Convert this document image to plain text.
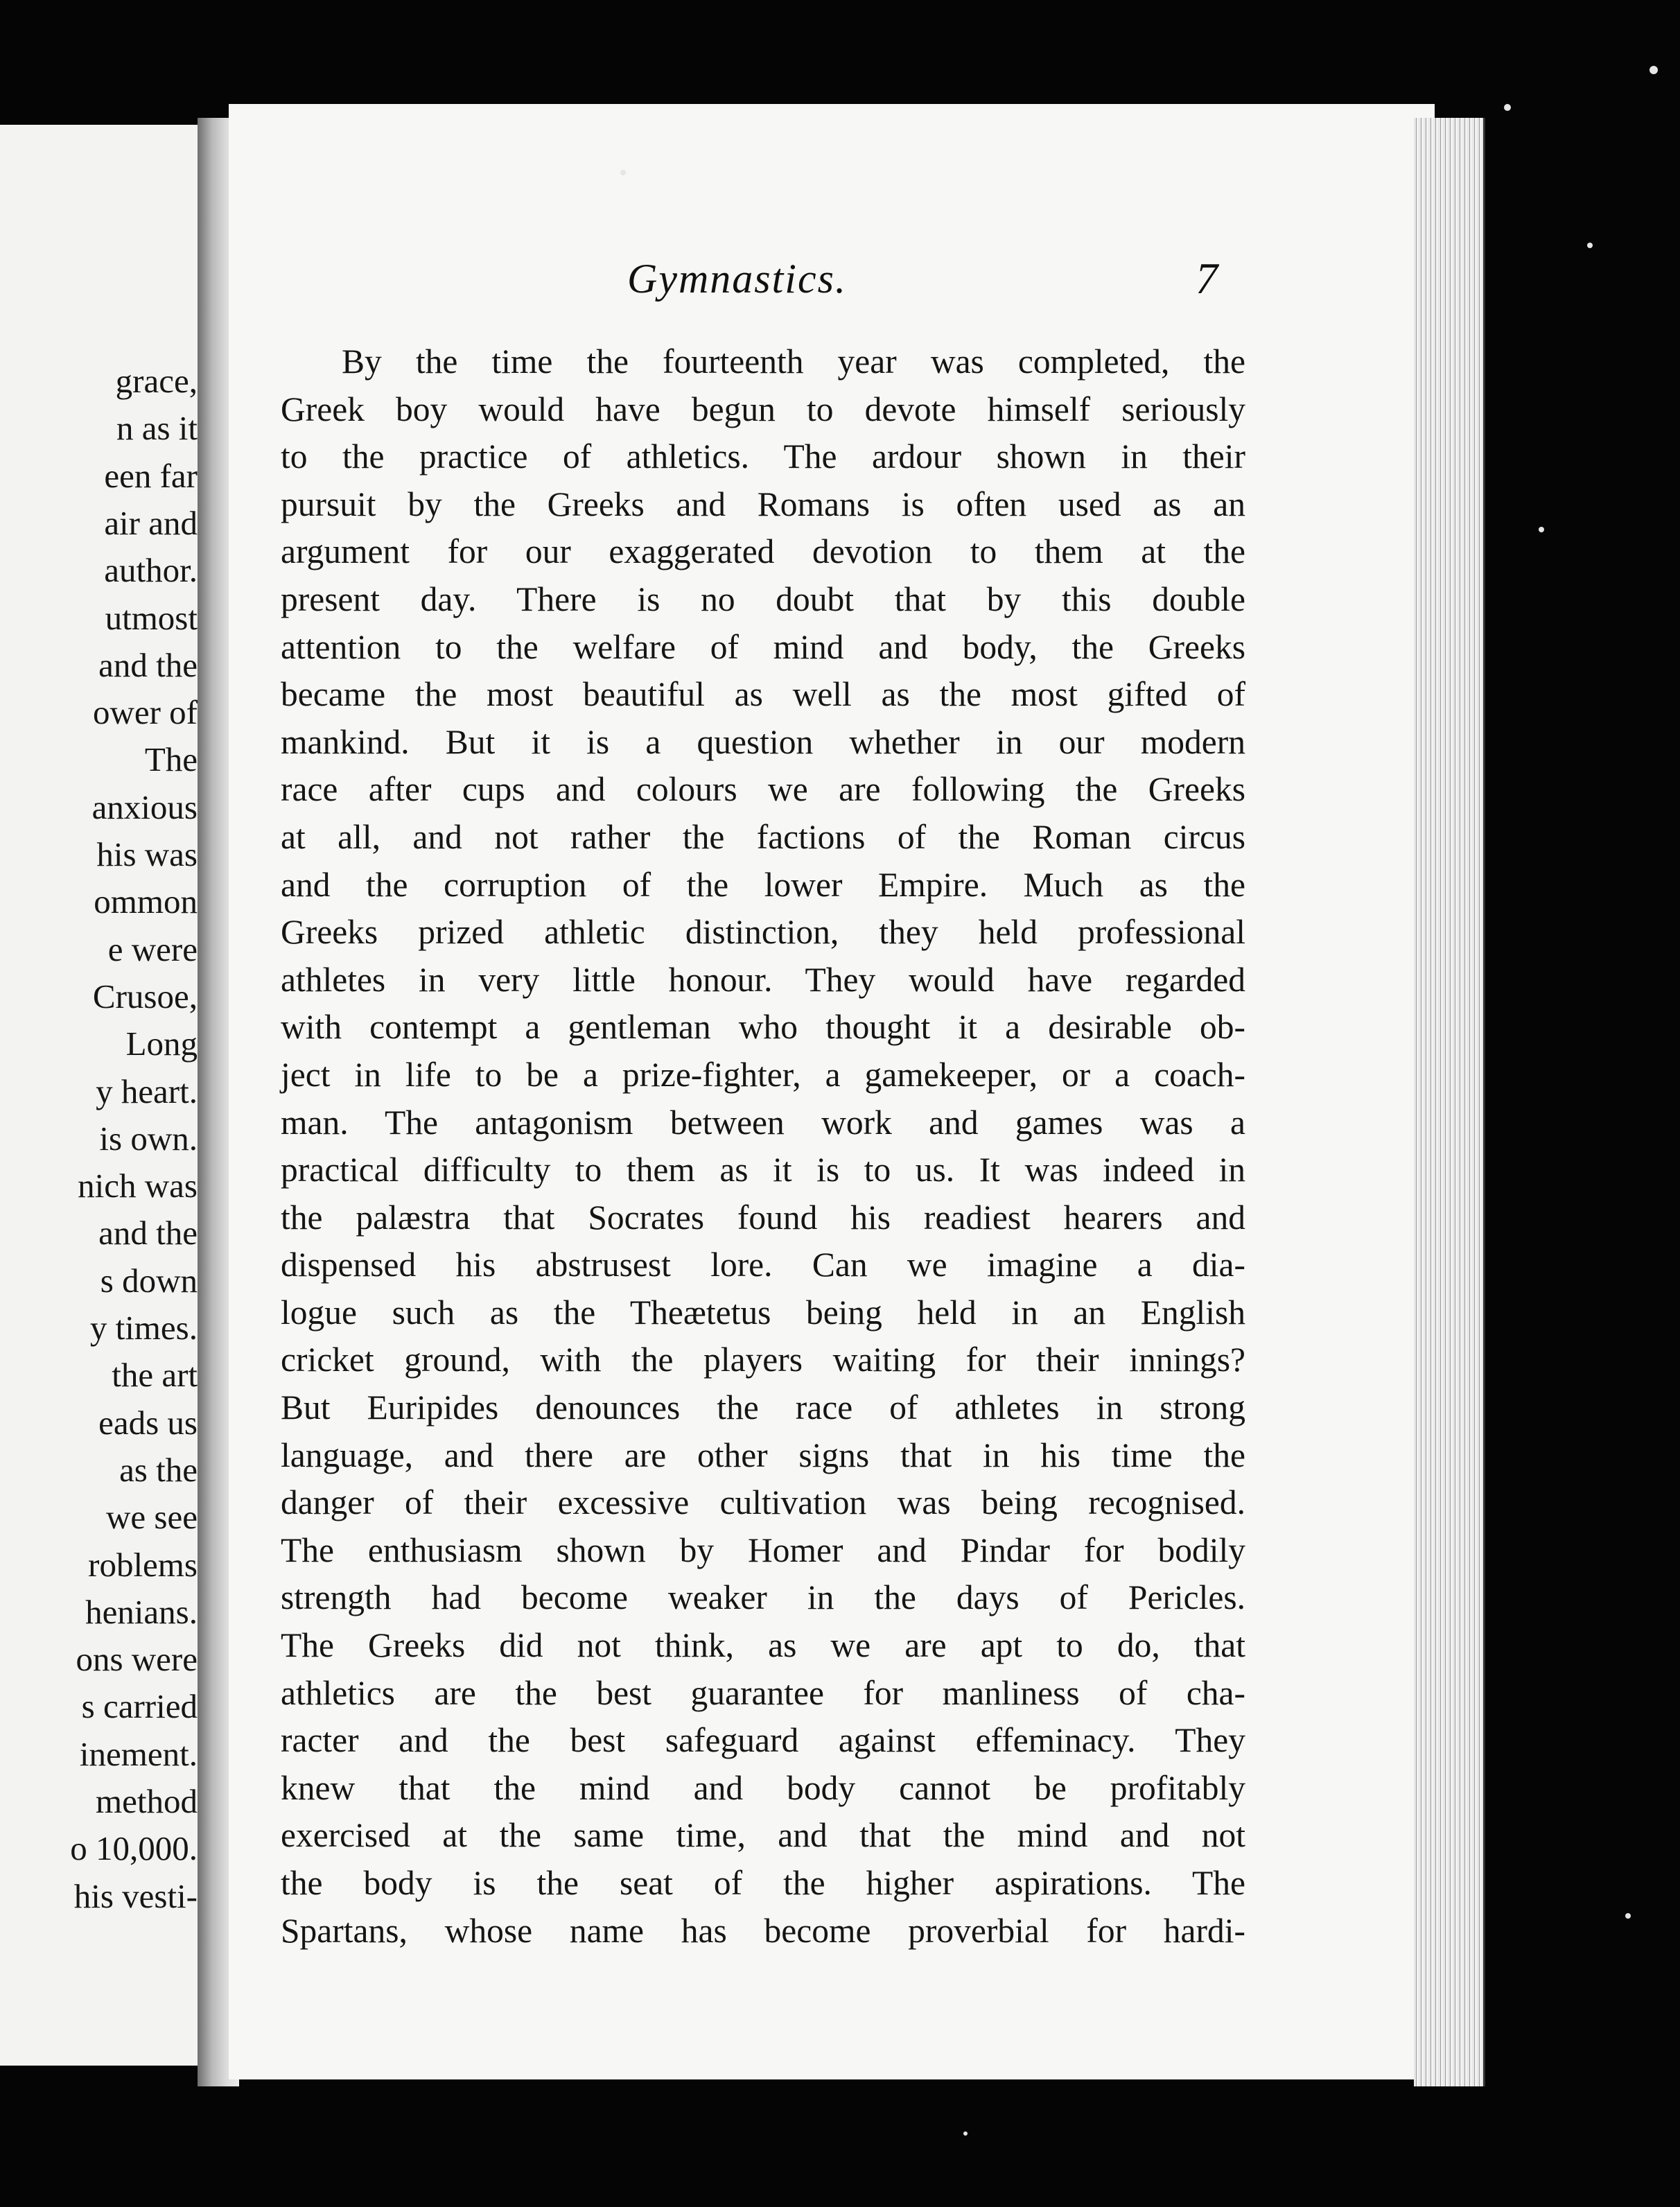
grace,
n as it
een far
air and
author.
utmost
and the
ower of
The
anxious
his was
ommon
e were
Crusoe,
Long
y heart.
is own.
nich was
and the
s down
y times.
the art
eads us
as the
we see
roblems
henians.
ons were
s carried
inement.
method
o 10,000.
his vesti-
Gymnastics.	7
By the time the fourteenth year was completed, the
Greek boy would have begun to devote himself seriously
to the practice of athletics. The ardour shown in their
pursuit by the Greeks and Romans is often used as an
argument for our exaggerated devotion to them at the
present day. There is no doubt that by this double
attention to the welfare of mind and body, the Greeks
became the most beautiful as well as the most gifted of
mankind. But it is a question whether in our modern
race after cups and colours we are following the Greeks
at all, and not rather the factions of the Roman circus
and the corruption of the lower Empire. Much as the
Greeks prized athletic distinction, they held professional
athletes in very little honour. They would have regarded
with contempt a gentleman who thought it a desirable ob-
ject in life to be a prize-fighter, a gamekeeper, or a coach-
man. The antagonism between work and games was a
practical difficulty to them as it is to us. It was indeed in
the palæstra that Socrates found his readiest hearers and
dispensed his abstrusest lore. Can we imagine a dia-
logue such as the Theætetus being held in an English
cricket ground, with the players waiting for their innings?
But Euripides denounces the race of athletes in strong
language, and there are other signs that in his time the
danger of their excessive cultivation was being recognised.
The enthusiasm shown by Homer and Pindar for bodily
strength had become weaker in the days of Pericles.
The Greeks did not think, as we are apt to do, that
athletics are the best guarantee for manliness of cha-
racter and the best safeguard against effeminacy. They
knew that the mind and body cannot be profitably
exercised at the same time, and that the mind and not
the body is the seat of the higher aspirations. The
Spartans, whose name has become proverbial for hardi-
